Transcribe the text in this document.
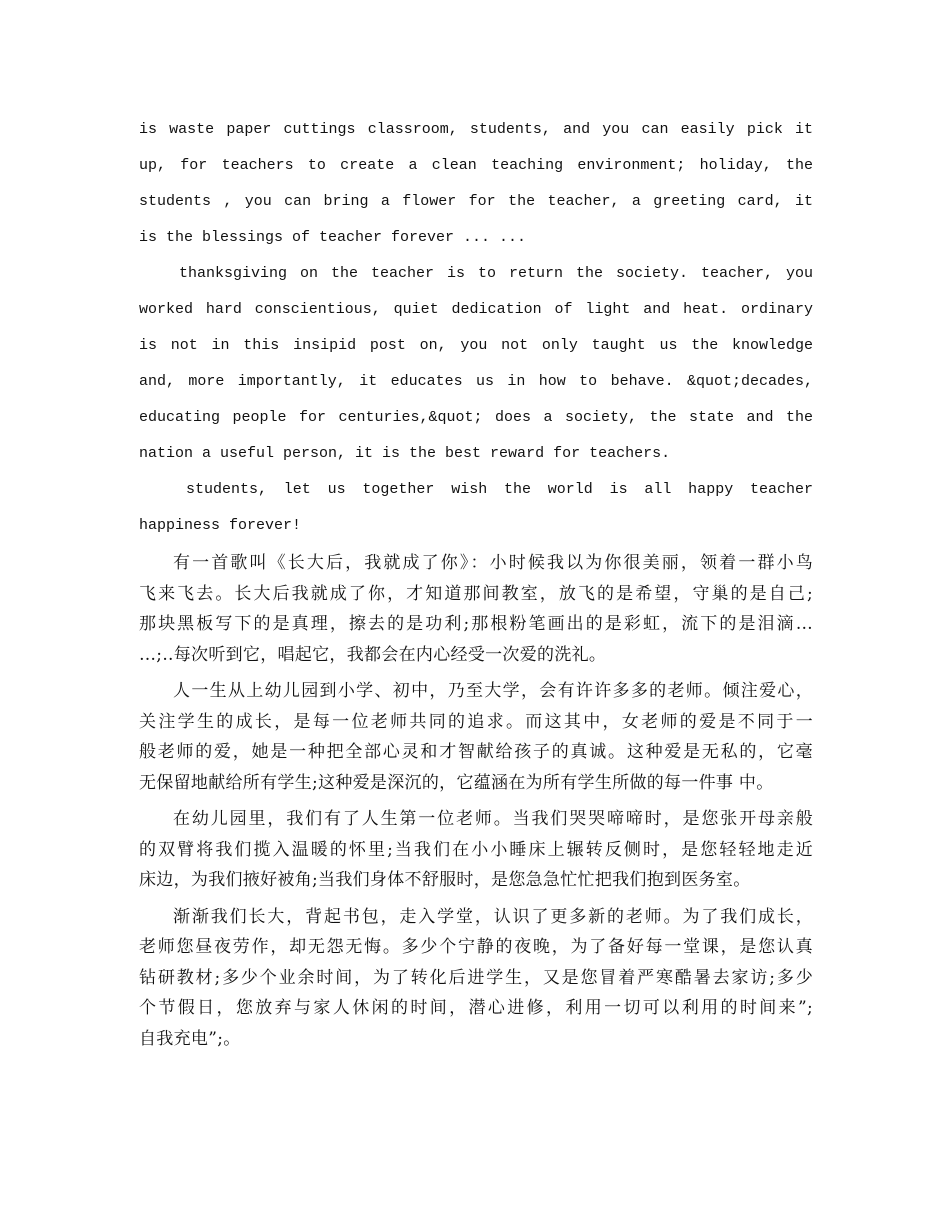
is waste paper cuttings classroom, students, and you can easily pick it
up, for teachers to create a clean teaching environment; holiday, the
students , you can bring a flower for the teacher, a greeting card, it
is the blessings of teacher forever ... ...
thanksgiving on the teacher is to return the society. teacher, you
worked hard conscientious, quiet dedication of light and heat. ordinary
is not in this insipid post on, you not only taught us the knowledge
and, more importantly, it educates us in how to behave. &quot;decades,
educating people for centuries,&quot; does a society, the state and the
nation a useful person, it is the best reward for teachers.
students, let us together wish the world is all happy teacher
happiness forever!
有一首歌叫《长大后，我就成了你》：小时候我以为你很美丽，领着一群小鸟
飞来飞去。长大后我就成了你，才知道那间教室，放飞的是希望，守巢的是自己;
那块黑板写下的是真理，擦去的是功利;那根粉笔画出的是彩虹，流下的是泪滴…
…;..每次听到它，唱起它，我都会在内心经受一次爱的洗礼。
人一生从上幼儿园到小学、初中，乃至大学，会有许许多多的老师。倾注爱心，
关注学生的成长，是每一位老师共同的追求。而这其中，女老师的爱是不同于一
般老师的爱，她是一种把全部心灵和才智献给孩子的真诚。这种爱是无私的，它毫
无保留地献给所有学生;这种爱是深沉的，它蕴涵在为所有学生所做的每一件事 中。
在幼儿园里，我们有了人生第一位老师。当我们哭哭啼啼时，是您张开母亲般
的双臂将我们揽入温暖的怀里;当我们在小小睡床上辗转反侧时，是您轻轻地走近
床边，为我们掖好被角;当我们身体不舒服时，是您急急忙忙把我们抱到医务室。
渐渐我们长大，背起书包，走入学堂，认识了更多新的老师。为了我们成长，
老师您昼夜劳作，却无怨无悔。多少个宁静的夜晚，为了备好每一堂课，是您认真
钻研教材;多少个业余时间，为了转化后进学生，又是您冒着严寒酷暑去家访;多少
个节假日，您放弃与家人休闲的时间，潜心进修，利用一切可以利用的时间来”;
自我充电”;。
